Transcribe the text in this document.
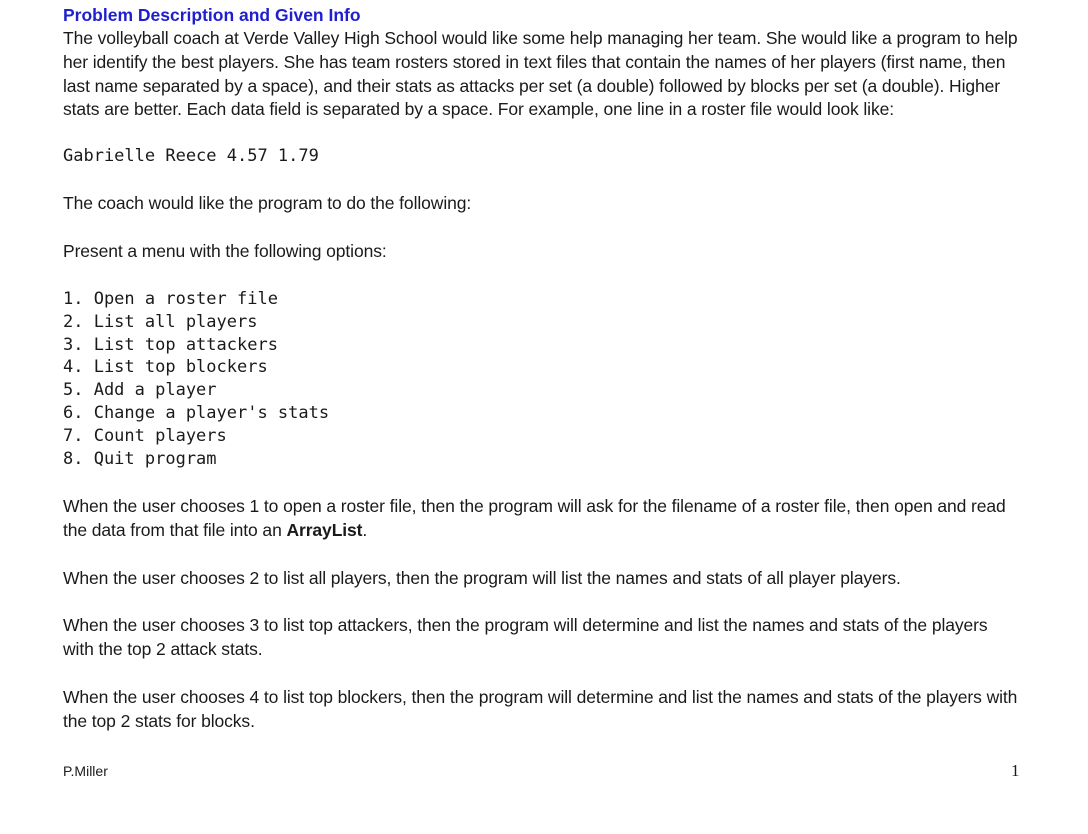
Problem Description and Given Info

The volleyball coach at Verde Valley High School would like some help managing her team. She would like a program to help her identify the best players. She has team rosters stored in text files that contain the names of her players (first name, then last name separated by a space), and their stats as attacks per set (a double) followed by blocks per set (a double). Higher stats are better. Each data field is separated by a space. For example, one line in a roster file would look like:

Gabrielle Reece 4.57 1.79

The coach would like the program to do the following:

Present a menu with the following options:

1. Open a roster file
2. List all players
3. List top attackers
4. List top blockers
5. Add a player
6. Change a player's stats
7. Count players
8. Quit program

When the user chooses 1 to open a roster file, then the program will ask for the filename of a roster file, then open and read the data from that file into an ArrayList.

When the user chooses 2 to list all players, then the program will list the names and stats of all player players.

When the user chooses 3 to list top attackers, then the program will determine and list the names and stats of the players with the top 2 attack stats.

When the user chooses 4 to list top blockers, then the program will determine and list the names and stats of the players with the top 2 stats for blocks.

P.Miller	1
